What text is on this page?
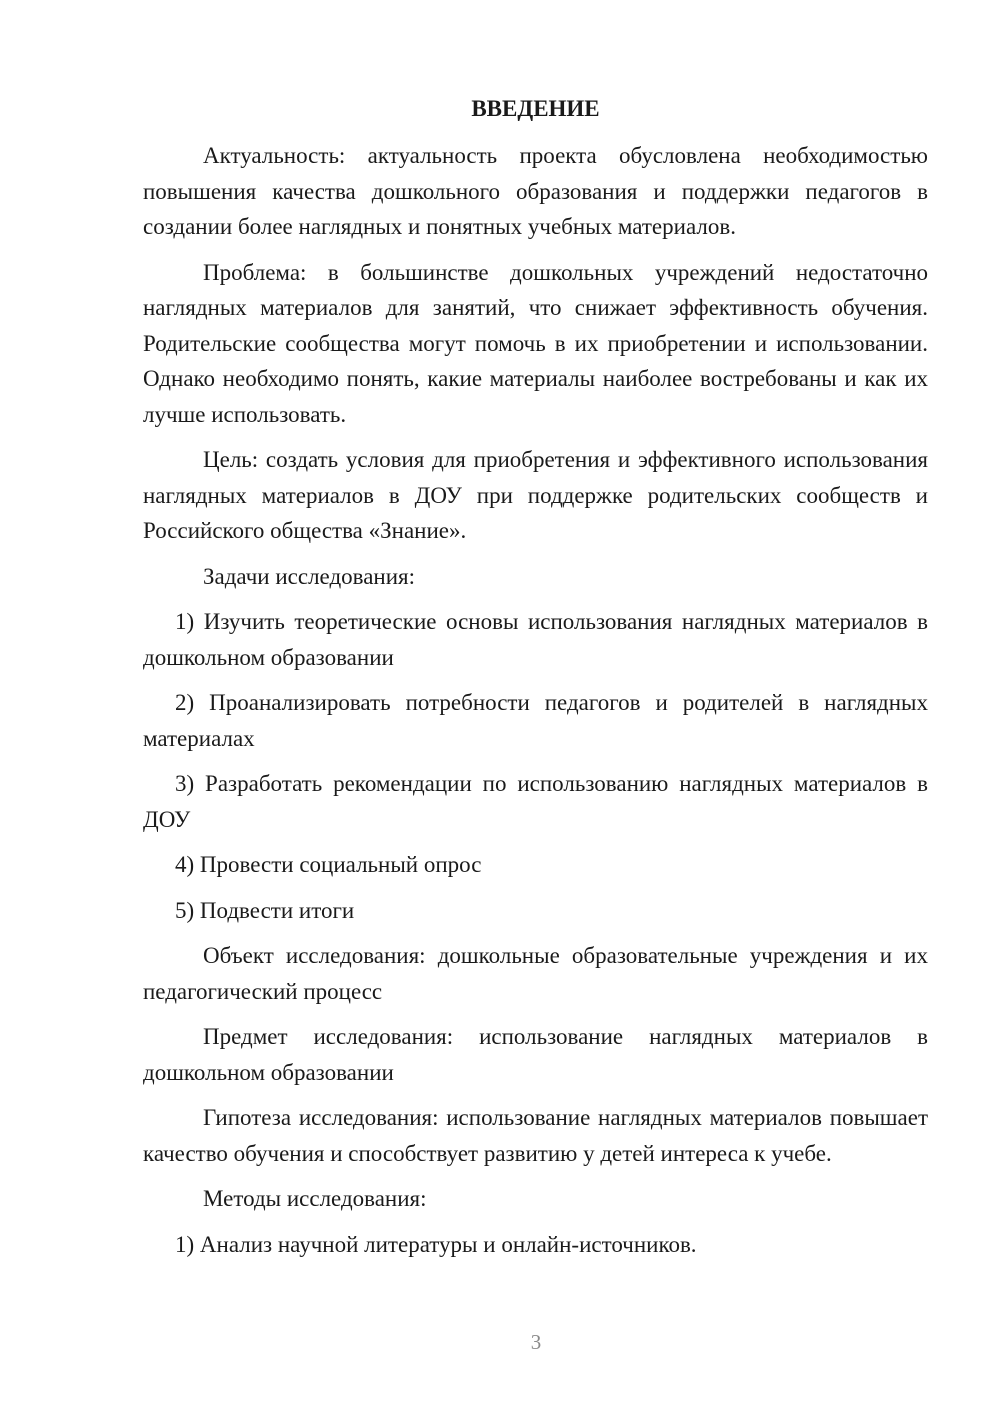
ВВЕДЕНИЕ
Актуальность: актуальность проекта обусловлена необходимостью повышения качества дошкольного образования и поддержки педагогов в создании более наглядных и понятных учебных материалов.
Проблема: в большинстве дошкольных учреждений недостаточно наглядных материалов для занятий, что снижает эффективность обучения. Родительские сообщества могут помочь в их приобретении и использовании. Однако необходимо понять, какие материалы наиболее востребованы и как их лучше использовать.
Цель: создать условия для приобретения и эффективного использования наглядных материалов в ДОУ при поддержке родительских сообществ и Российского общества «Знание».
Задачи исследования:
1) Изучить теоретические основы использования наглядных материалов в дошкольном образовании
2) Проанализировать потребности педагогов и родителей в наглядных материалах
3) Разработать рекомендации по использованию наглядных материалов в ДОУ
4) Провести социальный опрос
5) Подвести итоги
Объект исследования: дошкольные образовательные учреждения и их педагогический процесс
Предмет исследования: использование наглядных материалов в дошкольном образовании
Гипотеза исследования: использование наглядных материалов повышает качество обучения и способствует развитию у детей интереса к учебе.
Методы исследования:
1) Анализ научной литературы и онлайн-источников.
3
